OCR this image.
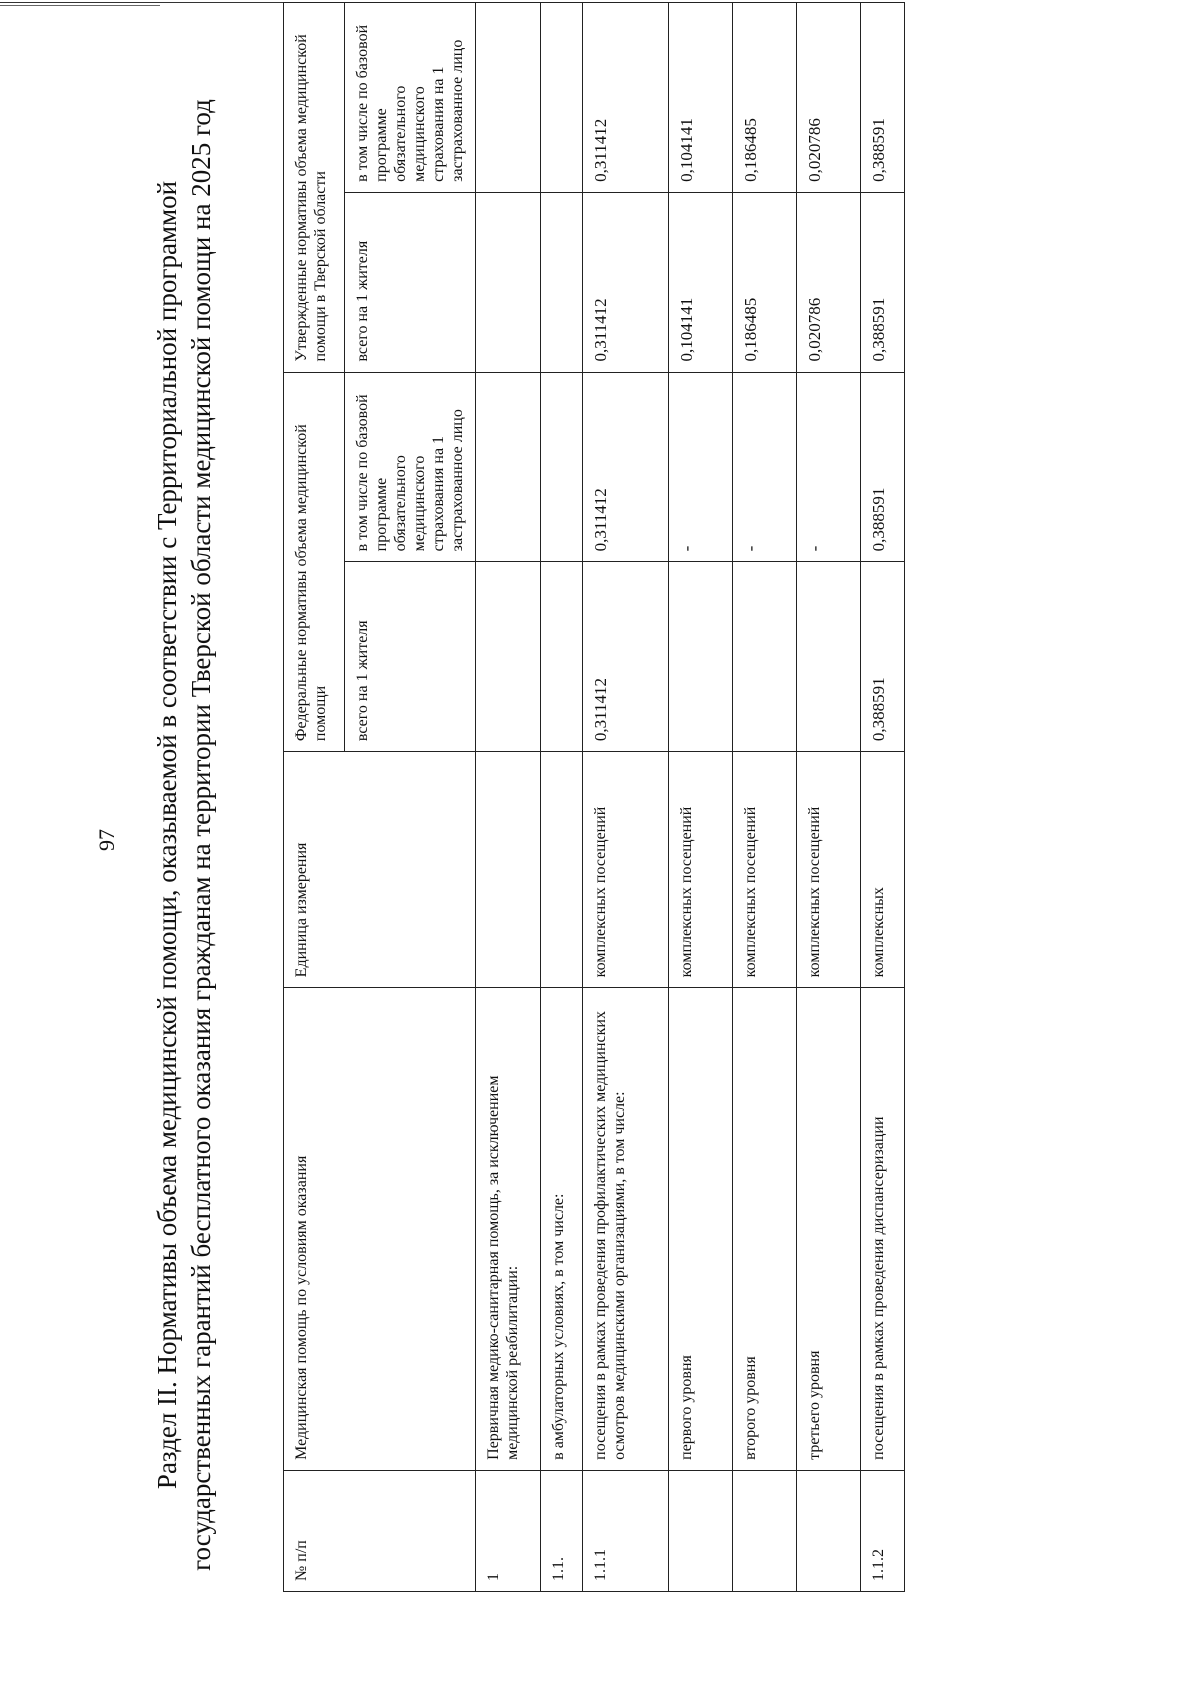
97 Раздел II. Нормативы объема медицинской помощи, оказываемой в соответствии с Территориальной программой государственных гарантий бесплатного оказания гражданам на территории Тверской области медицинской помощи на 2025 год	№ п/п	Медицинская помощь по условиям оказания	Единица измерения	Федеральные нормативы объема медицинской помощи		Утвержденные нормативы объема медицинской помощи в Тверской области	
			всего на 1 жителя	в том числе по базовой программе обязательного медицинского страхования на 1 застрахованное лицо	всего на 1 жителя	в том числе по базовой программе обязательного медицинского страхования на 1 застрахованное лицо
1	Первичная медико-санитарная помощь, за исключением медицинской реабилитации:					
1.1.	в амбулаторных условиях, в том числе:					
1.1.1	посещения в рамках проведения профилактических медицинских осмотров медицинскими организациями, в том числе:	комплексных посещений	0,311412	0,311412	0,311412	0,311412
	первого уровня	комплексных посещений		-	0,104141	0,104141
	второго уровня	комплексных посещений		-	0,186485	0,186485
	третьего уровня	комплексных посещений		-	0,020786	0,020786
1.1.2	посещения в рамках проведения диспансеризации	комплексных	0,388591	0,388591	0,388591	0,388591
